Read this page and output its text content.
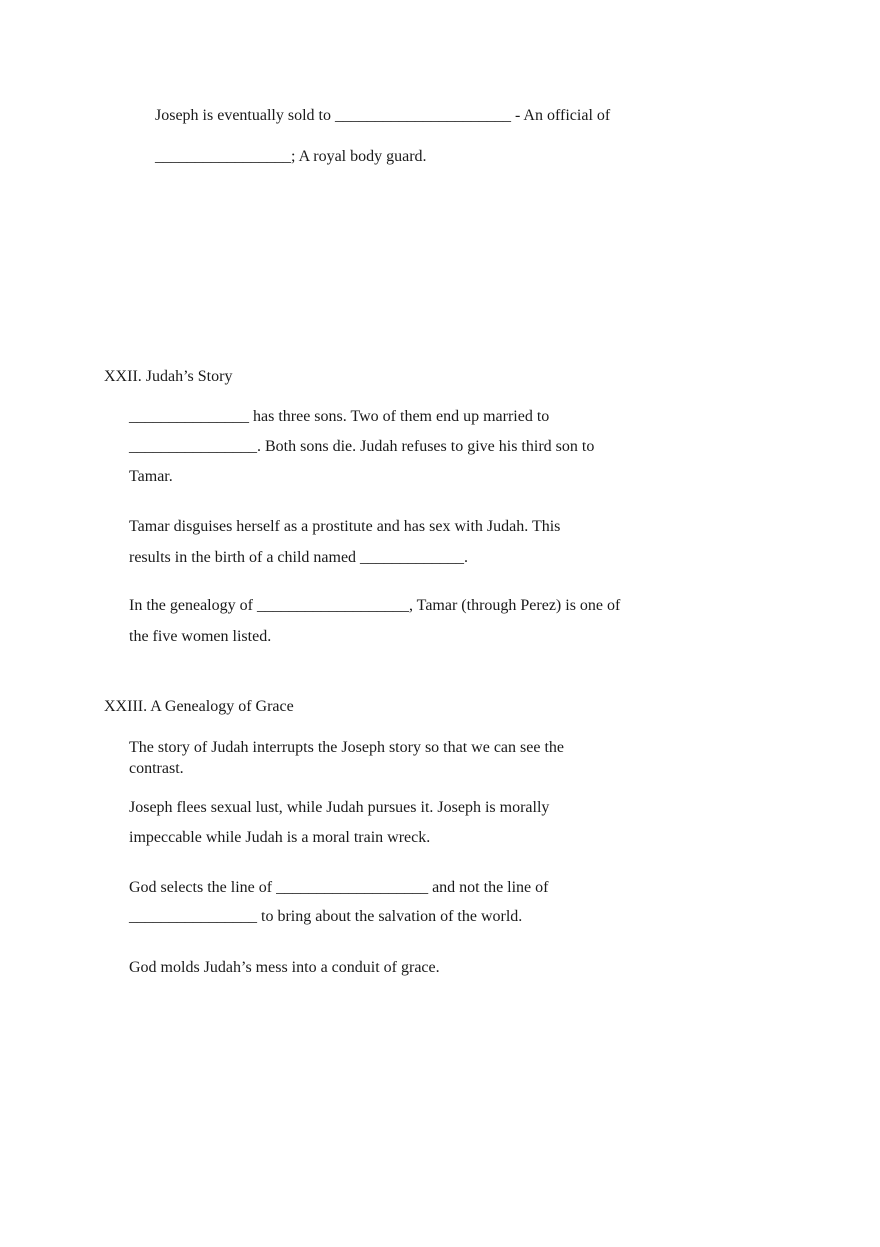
Joseph is eventually sold to ______________________ - An official of
_________________; A royal body guard.
XXII. Judah’s Story
_______________ has three sons. Two of them end up married to
________________. Both sons die. Judah refuses to give his third son to
Tamar.
Tamar disguises herself as a prostitute and has sex with Judah. This
results in the birth of a child named _____________.
In the genealogy of ___________________, Tamar (through Perez) is one of
the five women listed.
XXIII. A Genealogy of Grace
The story of Judah interrupts the Joseph story so that we can see the
contrast.
Joseph flees sexual lust, while Judah pursues it. Joseph is morally
impeccable while Judah is a moral train wreck.
God selects the line of ___________________ and not the line of
________________ to bring about the salvation of the world.
God molds Judah’s mess into a conduit of grace.
